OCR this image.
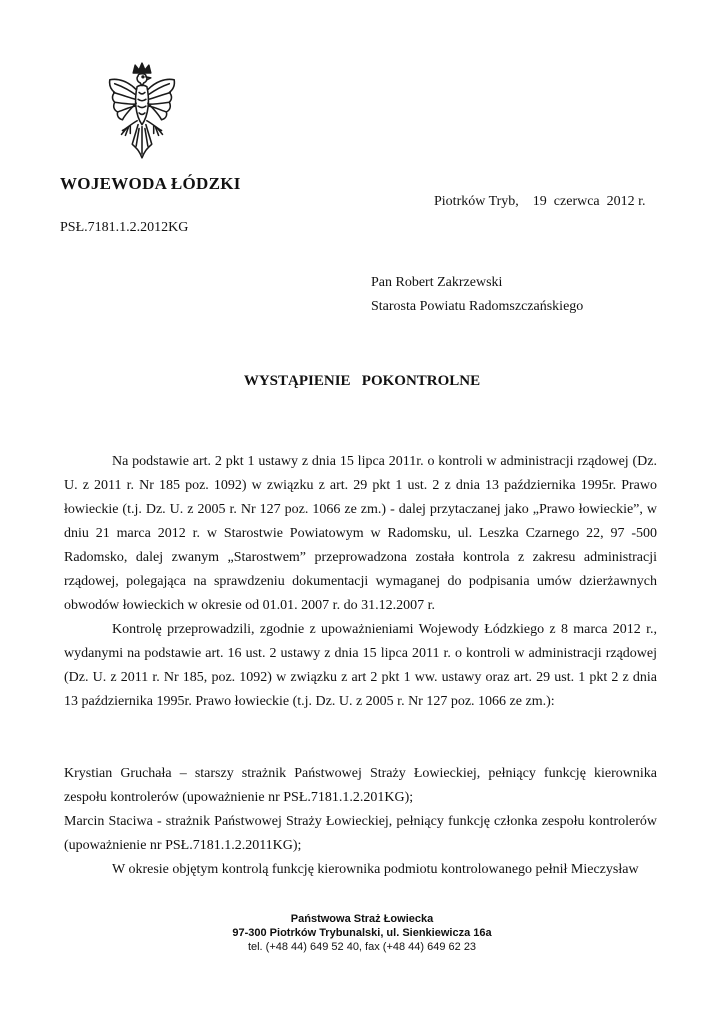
WOJEWODA ŁÓDZKI
Piotrków Tryb,    19  czerwca  2012 r.
PSŁ.7181.1.2.2012KG
Pan Robert Zakrzewski
Starosta Powiatu Radomszczańskiego
WYSTĄPIENIE   POKONTROLNE

Na podstawie art. 2 pkt 1 ustawy z dnia 15 lipca 2011r. o kontroli w administracji rządowej (Dz. U. z 2011 r. Nr 185 poz. 1092) w związku z art. 29 pkt 1 ust. 2 z dnia 13 października 1995r. Prawo łowieckie (t.j. Dz. U. z 2005 r. Nr 127 poz. 1066 ze zm.) - dalej przytaczanej jako „Prawo łowieckie”, w dniu 21 marca 2012 r. w Starostwie Powiatowym w Radomsku, ul. Leszka Czarnego 22, 97 -500 Radomsko, dalej zwanym „Starostwem” przeprowadzona została kontrola z zakresu administracji rządowej, polegająca na sprawdzeniu dokumentacji wymaganej do podpisania umów dzierżawnych obwodów łowieckich w okresie od 01.01. 2007 r. do 31.12.2007 r.

Kontrolę przeprowadzili, zgodnie z upoważnieniami Wojewody Łódzkiego z 8 marca 2012 r., wydanymi na podstawie art. 16 ust. 2 ustawy z dnia 15 lipca 2011 r. o kontroli w administracji rządowej (Dz. U. z 2011 r. Nr 185, poz. 1092) w związku z art 2 pkt 1 ww. ustawy oraz art. 29 ust. 1 pkt 2 z dnia 13 października 1995r. Prawo łowieckie (t.j. Dz. U. z 2005 r. Nr 127 poz. 1066 ze zm.):

Krystian Gruchała – starszy strażnik Państwowej Straży Łowieckiej, pełniący funkcję kierownika zespołu kontrolerów (upoważnienie nr PSŁ.7181.1.2.201KG);

Marcin Staciwa - strażnik Państwowej Straży Łowieckiej, pełniący funkcję członka zespołu kontrolerów (upoważnienie nr PSŁ.7181.1.2.2011KG);

W okresie objętym kontrolą funkcję kierownika podmiotu kontrolowanego pełnił Mieczysław

Państwowa Straż Łowiecka
97-300 Piotrków Trybunalski, ul. Sienkiewicza 16a
tel. (+48 44) 649 52 40, fax (+48 44) 649 62 23
